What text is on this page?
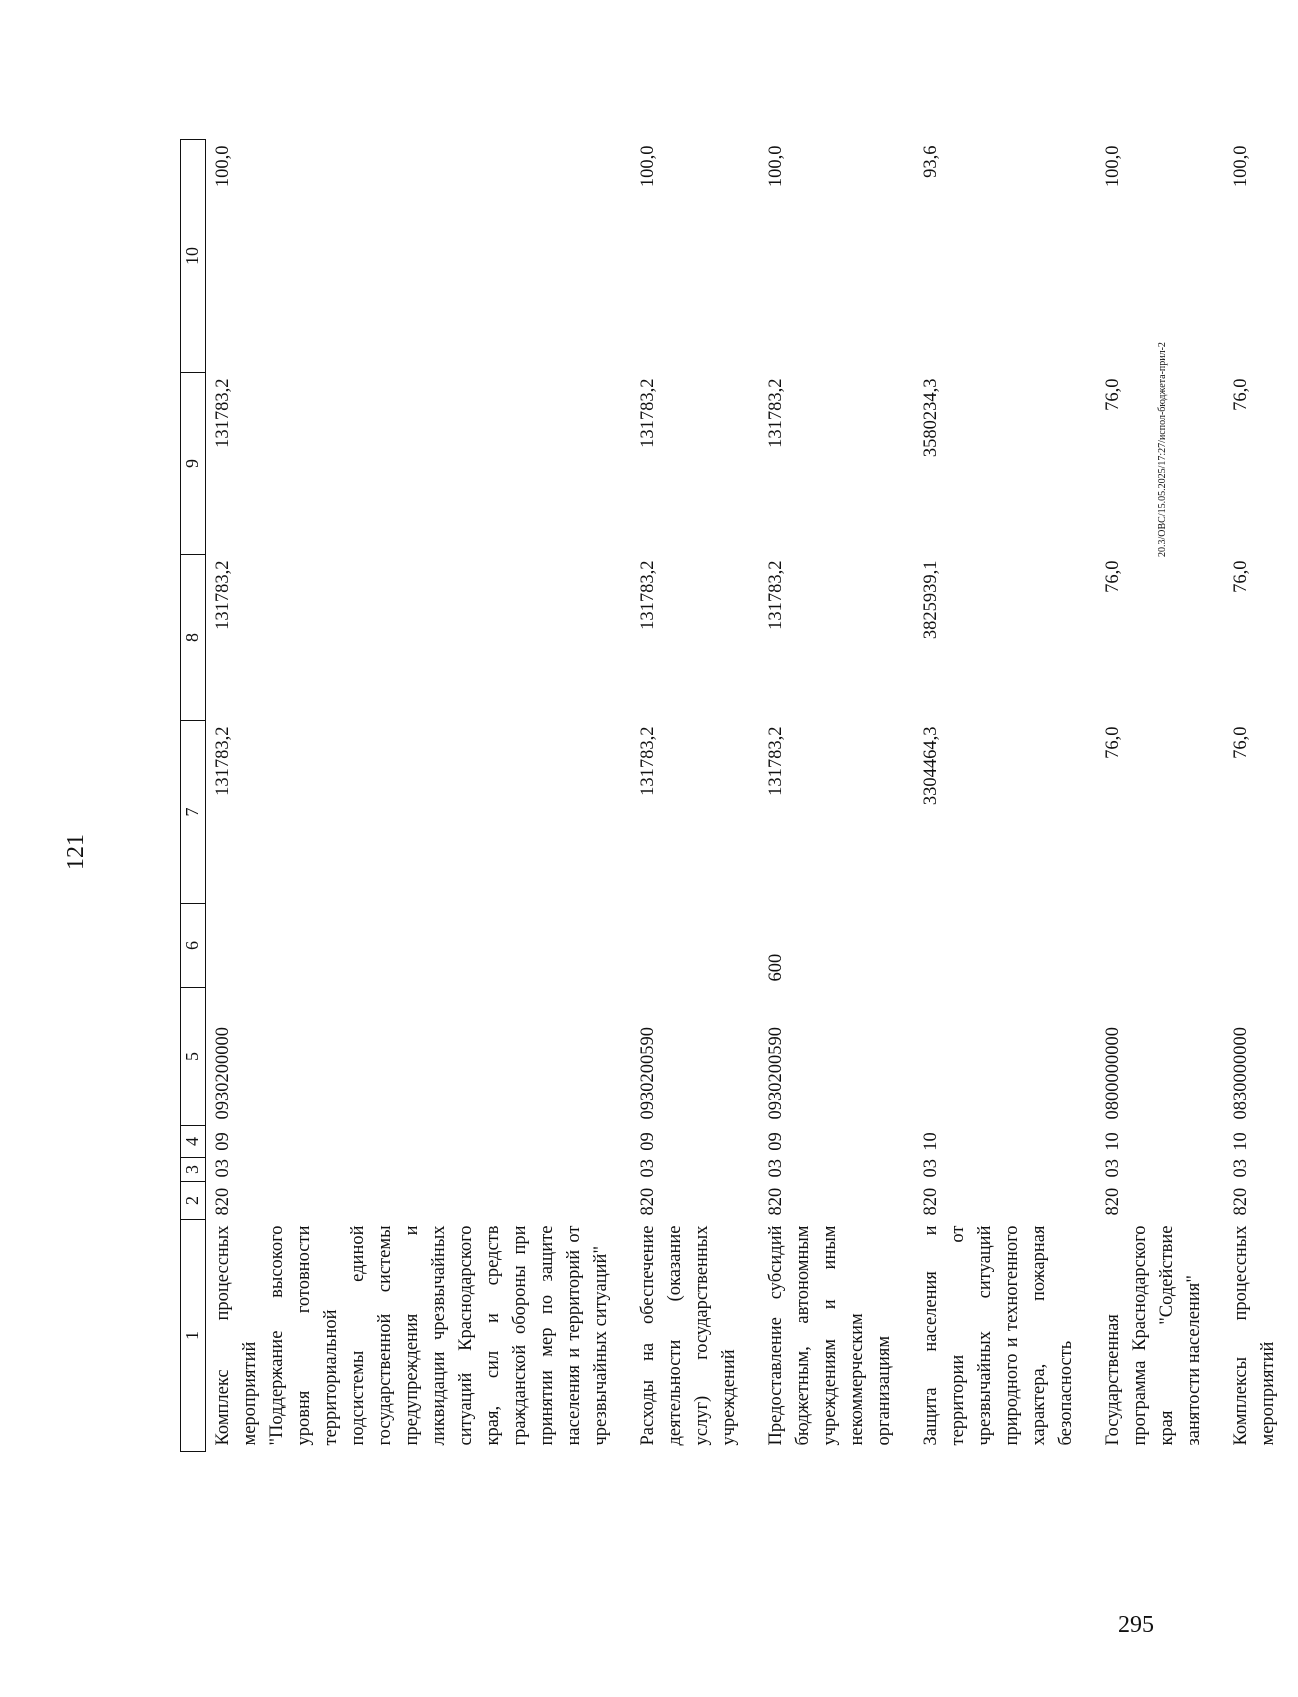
121
1	2	3	4	5	6	7	8	9	10
Комплекс процессных мероприятий "Поддержание высокого уровня готовности территориальной подсистемы единой государственной системы предупреждения и ликвидации чрезвычайных ситуаций Краснодарского края, сил и средств гражданской обороны при принятии мер по защите населения и территорий от чрезвычайных ситуаций"	820	03	09	0930200000		131783,2	131783,2	131783,2	100,0
Расходы на обеспечение деятельности (оказание услуг) государственных учреждений	820	03	09	0930200590		131783,2	131783,2	131783,2	100,0
Предоставление субсидий бюджетным, автономным учреждениям и иным некоммерческим организациям	820	03	09	0930200590	600	131783,2	131783,2	131783,2	100,0
Защита населения и территории от чрезвычайных ситуаций природного и техногенного характера, пожарная безопасность	820	03	10			3304464,3	3825939,1	3580234,3	93,6
Государственная программа Краснодарского края "Содействие занятости населения"	820	03	10	0800000000		76,0	76,0	76,0	100,0
Комплексы процессных мероприятий	820	03	10	0830000000		76,0	76,0	76,0	100,0
20.3/ОВС/15.05.2025/17:27/испол-бюджета-прил-2
295
